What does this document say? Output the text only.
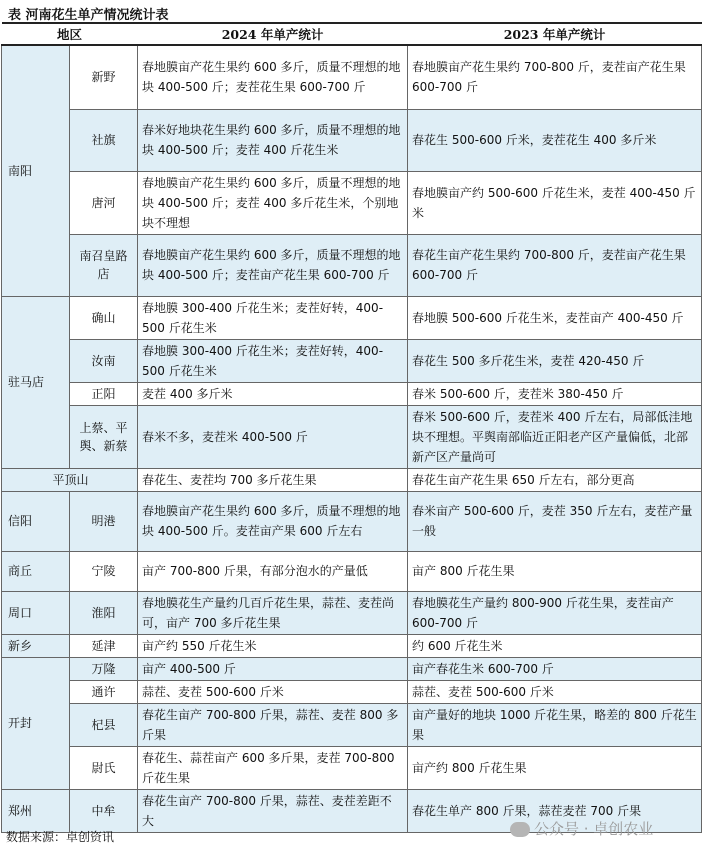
表 河南花生单产情况统计表
地区		2024 年单产统计	2023 年单产统计
南阳	新野	春地膜亩产花生果约 600 多斤，质量不理想的地块 400-500 斤；麦茬花生果 600-700 斤	春地膜亩产花生果约 700-800 斤，麦茬亩产花生果 600-700 斤
	社旗	春米好地块花生果约 600 多斤，质量不理想的地块 400-500 斤；麦茬 400 斤花生米	春花生 500-600 斤米，麦茬花生 400 多斤米
	唐河	春地膜亩产花生果约 600 多斤，质量不理想的地块 400-500 斤；麦茬 400 多斤花生米，个别地块不理想	春地膜亩产约 500-600 斤花生米，麦茬 400-450 斤米
	南召皇路店	春地膜亩产花生果约 600 多斤，质量不理想的地块 400-500 斤；麦茬亩产花生果 600-700 斤	春花生亩产花生果约 700-800 斤，麦茬亩产花生果 600-700 斤
驻马店	确山	春地膜 300-400 斤花生米；麦茬好转，400-500 斤花生米	春地膜 500-600 斤花生米，麦茬亩产 400-450 斤
	汝南	春地膜 300-400 斤花生米；麦茬好转，400-500 斤花生米	春花生 500 多斤花生米，麦茬 420-450 斤
	正阳	麦茬 400 多斤米	春米 500-600 斤，麦茬米 380-450 斤
	上蔡、平舆、新蔡	春米不多，麦茬米 400-500 斤	春米 500-600 斤，麦茬米 400 斤左右，局部低洼地块不理想。平舆南部临近正阳老产区产量偏低，北部新产区产量尚可
平顶山		春花生、麦茬均 700 多斤花生果	春花生亩产花生果 650 斤左右，部分更高
信阳	明港	春地膜亩产花生果约 600 多斤，质量不理想的地块 400-500 斤。麦茬亩产果 600 斤左右	春米亩产 500-600 斤，麦茬 350 斤左右，麦茬产量一般
商丘	宁陵	亩产 700-800 斤果，有部分泡水的产量低	亩产 800 斤花生果
周口	淮阳	春地膜花生产量约几百斤花生果，蒜茬、麦茬尚可，亩产 700 多斤花生果	春地膜花生产量约 800-900 斤花生果，麦茬亩产 600-700 斤
新乡	延津	亩产约 550 斤花生米	约 600 斤花生米
开封	万隆	亩产 400-500 斤	亩产春花生米 600-700 斤
	通许	蒜茬、麦茬 500-600 斤米	蒜茬、麦茬 500-600 斤米
	杞县	春花生亩产 700-800 斤果，蒜茬、麦茬 800 多斤果	亩产量好的地块 1000 斤花生果，略差的 800 斤花生果
	尉氏	春花生、蒜茬亩产 600 多斤果，麦茬 700-800 斤花生果	亩产约 800 斤花生果
郑州	中牟	春花生亩产 700-800 斤果，蒜茬、麦茬差距不大	春花生单产 800 斤果，蒜茬麦茬 700 斤果
数据来源：卓创资讯	公众号 · 卓创农业
